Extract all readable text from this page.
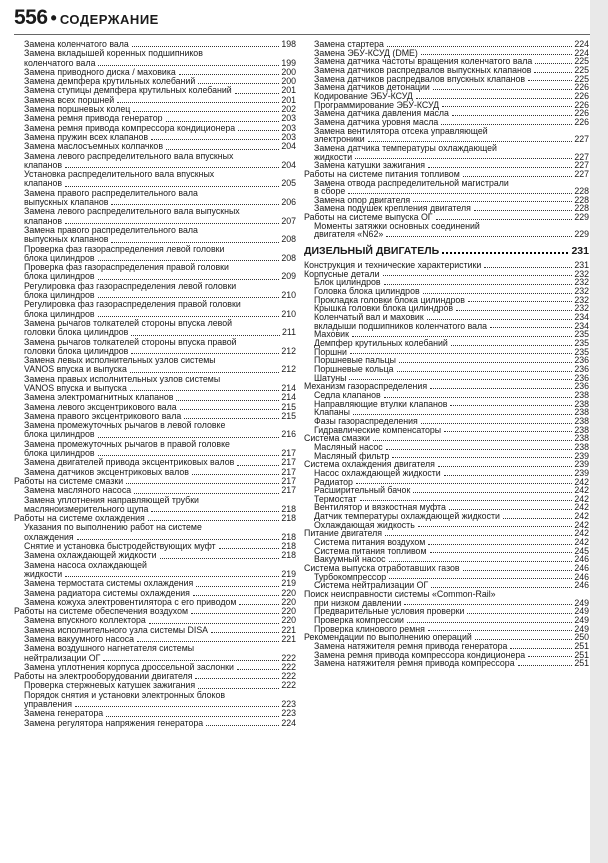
556 • СОДЕРЖАНИЕ
Замена коленчатого вала	198
Замена вкладышей коренных подшипников
коленчатого вала	199
Замена приводного диска / маховика	200
Замена демпфера крутильных колебаний	200
Замена ступицы демпфера крутильных колебаний	201
Замена всех поршней	201
Замена поршневых колец	202
Замена ремня привода генератор	203
Замена ремня привода компрессора кондиционера	203
Замена пружин всех клапанов	203
Замена маслосъемных колпачков	204
Замена левого распределительного вала впускных
клапанов	204
Установка распределительного вала впускных
клапанов	205
Замена правого распределительного вала
выпускных клапанов	206
Замена левого распределительного вала выпускных
клапанов	207
Замена правого распределительного вала
выпускных клапанов	208
Проверка фаз газораспределения левой головки
блока цилиндров	208
Проверка фаз газораспределения правой головки
блока цилиндров	209
Регулировка фаз газораспределения левой головки
блока цилиндров	210
Регулировка фаз газораспределения правой головки
блока цилиндров	210
Замена рычагов толкателей стороны впуска левой
головки блока цилиндров	211
Замена рычагов толкателей стороны впуска правой
головки блока цилиндров	212
Замена левых исполнительных узлов системы
VANOS впуска и выпуска	212
Замена правых исполнительных узлов системы
VANOS впуска и выпуска	214
Замена электромагнитных клапанов	214
Замена левого эксцентрикового вала	215
Замена правого эксцентрикового вала	215
Замена промежуточных рычагов в левой головке
блока цилиндров	216
Замена промежуточных рычагов в правой головке
блока цилиндров	217
Замена двигателей привода эксцентриковых валов	217
Замена датчиков эксцентриковых валов	217
Работы на системе смазки	217
Замена масляного насоса	217
Замена уплотнения направляющей трубки
масляноизмерительного щупа	218
Работы на системе охлаждения	218
Указания по выполнению работ на системе
охлаждения	218
Снятие и установка быстродействующих муфт	218
Замена охлаждающей жидкости	218
Замена насоса охлаждающей
жидкости	219
Замена термостата системы охлаждения	219
Замена радиатора системы охлаждения	220
Замена кожуха электровентилятора с его приводом	220
Работы на системе обеспечения воздухом	220
Замена впускного коллектора	220
Замена исполнительного узла системы DISA	221
Замена вакуумного насоса	221
Замена воздушного нагнетателя системы
нейтрализации ОГ	222
Замена уплотнения корпуса дроссельной заслонки	222
Работы на электрооборудовании двигателя	222
Проверка стержневых катушек зажигания	222
Порядок снятия и установки электронных блоков
управления	223
Замена генератора	223
Замена регулятора напряжения генератора	224
Замена стартера	224
Замена ЭБУ-КСУД (DME)	224
Замена датчика частоты вращения коленчатого вала	225
Замена датчиков распредвалов выпускных клапанов	225
Замена датчиков распредвалов впускных клапанов	225
Замена датчиков детонации	226
Кодирование ЭБУ-КСУД	226
Программирование ЭБУ-КСУД	226
Замена датчика давления масла	226
Замена датчика уровня масла	226
Замена вентилятора отсека управляющей
электроники	227
Замена датчика температуры охлаждающей
жидкости	227
Замена катушки зажигания	227
Работы на системе питания топливом	227
Замена отвода распределительной магистрали
в сборе	228
Замена опор двигателя	228
Замена подушек крепления двигателя	228
Работы на системе выпуска ОГ	229
Моменты затяжки основных соединений
двигателя «N62»	229
ДИЗЕЛЬНЫЙ ДВИГАТЕЛЬ	231
Конструкция и технические характеристики	231
Корпусные детали	232
Блок цилиндров	232
Головка блока цилиндров	232
Прокладка головки блока цилиндров	232
Крышка головки блока цилиндров	232
Коленчатый вал и маховик	234
вкладыши подшипников коленчатого вала	234
Маховик	235
Демпфер крутильных колебаний	235
Поршни	235
Поршневые пальцы	236
Поршневые кольца	236
Шатуны	236
Механизм газораспределения	236
Седла клапанов	238
Направляющие втулки клапанов	238
Клапаны	238
Фазы газораспределения	238
Гидравлические компенсаторы	238
Система смазки	238
Масляный насос	238
Масляный фильтр	239
Система охлаждения двигателя	239
Насос охлаждающей жидкости	239
Радиатор	242
Расширительный бачок	242
Термостат	242
Вентилятор и вязкостная муфта	242
Датчик температуры охлаждающей жидкости	242
Охлаждающая жидкость	242
Питание двигателя	242
Система питания воздухом	242
Система питания топливом	245
Вакуумный насос	246
Система выпуска отработавших газов	246
Турбокомпрессор	246
Система нейтрализации ОГ	246
Поиск неисправности системы «Common-Rail»
при низком давлении	249
Предварительные условия проверки	249
Проверка компрессии	249
Проверка клинового ремня	249
Рекомендации по выполнению операций	250
Замена натяжителя ремня привода генератора	251
Замена ремня привода компрессора кондиционера	251
Замена натяжителя ремня привода компрессора	251
